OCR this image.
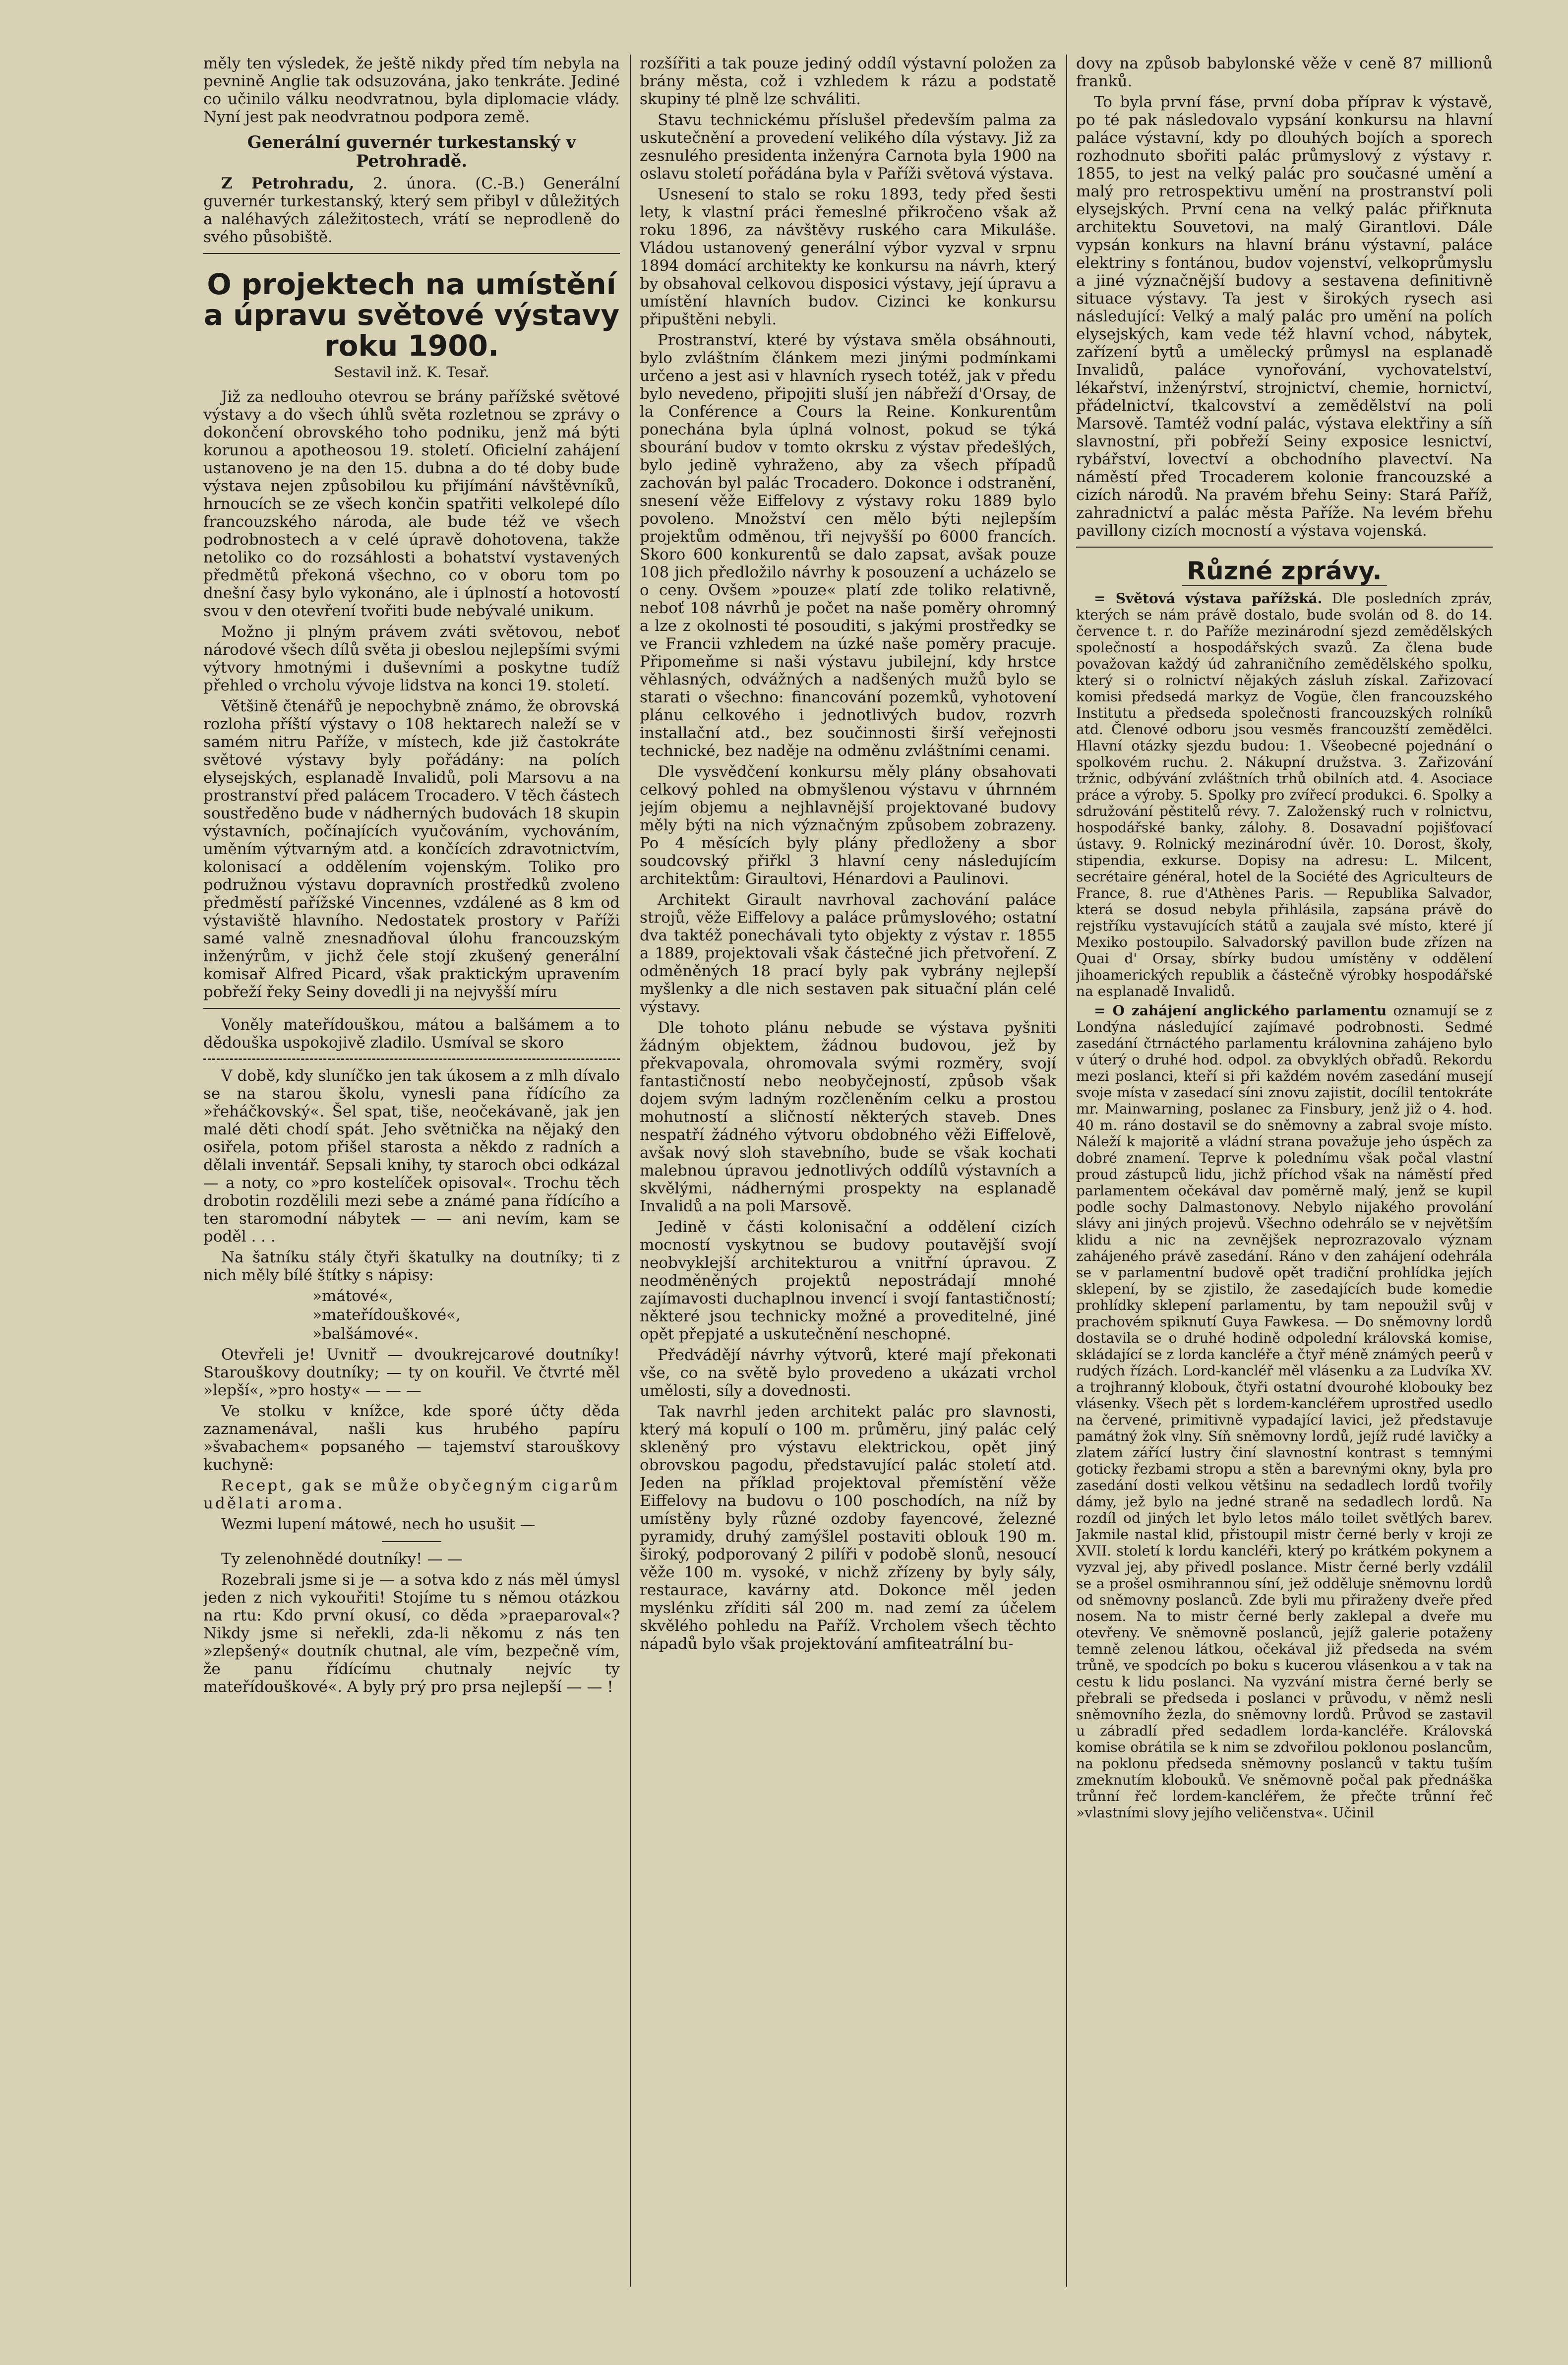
měly ten výsledek, že ještě nikdy před tím nebyla na pevnině Anglie tak odsuzována, jako tenkráte. Jediné co učinilo válku neodvratnou, byla diplomacie vlády. Nyní jest pak neodvratnou podpora země.

Generální guvernér turkestanský v Petrohradě.

Z Petrohradu, 2. února. (C.-B.) Generální guvernér turkestanský, který sem přibyl v důležitých a naléhavých záležitostech, vrátí se neprodleně do svého působiště.

O projektech na umístění a úpravu světové výstavy roku 1900.
Sestavil inž. K. Tesař.

Již za nedlouho otevrou se brány pařížské světové výstavy a do všech úhlů světa rozletnou se zprávy o dokončení obrovského toho podniku, jenž má býti korunou a apotheosou 19. století. Oficielní zahájení ustanoveno je na den 15. dubna a do té doby bude výstava nejen způsobilou ku přijímání návštěvníků, hrnoucích se ze všech končin spatřiti velkolepé dílo francouzského národa, ale bude též ve všech podrobnostech a v celé úpravě dohotovena, takže netoliko co do rozsáhlosti a bohatství vystavených předmětů překoná všechno, co v oboru tom po dnešní časy bylo vykonáno, ale i úplností a hotovostí svou v den otevření tvořiti bude nebývalé unikum.

Možno ji plným právem zváti světovou, neboť národové všech dílů světa ji obeslou nejlepšími svými výtvory hmotnými i duševními a poskytne tudíž přehled o vrcholu vývoje lidstva na konci 19. století.

Většině čtenářů je nepochybně známo, že obrovská rozloha příští výstavy o 108 hektarech naleží se v samém nitru Paříže, v místech, kde již častokráte světové výstavy byly pořádány: na polích elysejských, esplanadě Invalidů, poli Marsovu a na prostranství před palácem Trocadero. V těch částech soustředěno bude v nádherných budovách 18 skupin výstavních, počínajících vyučováním, vychováním, uměním výtvarným atd. a končících zdravotnictvím, kolonisací a oddělením vojenským. Toliko pro podružnou výstavu dopravních prostředků zvoleno předměstí pařížské Vincennes, vzdálené as 8 km od výstaviště hlavního. Nedostatek prostory v Paříži samé valně znesnadňoval úlohu francouzským inženýrům, v jichž čele stojí zkušený generální komisař Alfred Picard, však praktickým upravením pobřeží řeky Seiny dovedli ji na nejvyšší míru

Voněly mateřídouškou, mátou a balšámem a to dědouška uspokojivě zladilo. Usmíval se skoro

V době, kdy sluníčko jen tak úkosem a z mlh dívalo se na starou školu, vynesli pana řídícího za »řeháčkovský«. Šel spat, tiše, neočekávaně, jak jen malé děti chodí spát. Jeho světnička na nějaký den osiřela, potom přišel starosta a někdo z radních a dělali inventář. Sepsali knihy, ty staroch obci odkázal — a noty, co »pro kostelíček opisoval«. Trochu těch drobotin rozdělili mezi sebe a známé pana řídícího a ten staromodní nábytek — — ani nevím, kam se poděl . . .

Na šatníku stály čtyři škatulky na doutníky; ti z nich měly bílé štítky s nápisy:

»mátové«,
»mateřídouškové«,
»balšámové«.

Otevřeli je! Uvnitř — dvoukrejcarové doutníky! Starouškovy doutníky; — ty on kouřil. Ve čtvrté měl »lepší«, »pro hosty« — — —

Ve stolku v knížce, kde sporé účty děda zaznamenával, našli kus hrubého papíru »švabachem« popsaného — tajemství starouškovy kuchyně:

Recept, gak se může obyčegným cigarům udělati aroma.

Wezmi lupení mátowé, nech ho usušit —

Ty zelenohnědé doutníky! — —

Rozebrali jsme si je — a sotva kdo z nás měl úmysl jeden z nich vykouřiti! Stojíme tu s němou otázkou na rtu: Kdo první okusí, co děda »praeparoval«? Nikdy jsme si neřekli, zda-li někomu z nás ten »zlepšený« doutník chutnal, ale vím, bezpečně vím, že panu řídícímu chutnaly nejvíc ty mateřídouškové«. A byly prý pro prsa nejlepší — — !

rozšířiti a tak pouze jediný oddíl výstavní položen za brány města, což i vzhledem k rázu a podstatě skupiny té plně lze schváliti.

Stavu technickému příslušel především palma za uskutečnění a provedení velikého díla výstavy. Již za zesnulého presidenta inženýra Carnota byla 1900 na oslavu století pořádána byla v Paříži světová výstava.

Usnesení to stalo se roku 1893, tedy před šesti lety, k vlastní práci řemeslné přikročeno však až roku 1896, za návštěvy ruského cara Mikuláše. Vládou ustanovený generální výbor vyzval v srpnu 1894 domácí architekty ke konkursu na návrh, který by obsahoval celkovou disposici výstavy, její úpravu a umístění hlavních budov. Cizinci ke konkursu připuštěni nebyli.

Prostranství, které by výstava směla obsáhnouti, bylo zvláštním článkem mezi jinými podmínkami určeno a jest asi v hlavních rysech totéž, jak v předu bylo nevedeno, připojiti sluší jen nábřeží d'Orsay, de la Conférence a Cours la Reine. Konkurentům ponechána byla úplná volnost, pokud se týká sbourání budov v tomto okrsku z výstav předešlých, bylo jedině vyhraženo, aby za všech případů zachován byl palác Trocadero. Dokonce i odstranění, snesení věže Eiffelovy z výstavy roku 1889 bylo povoleno. Množství cen mělo býti nejlepším projektům odměnou, tři nejvyšší po 6000 francích. Skoro 600 konkurentů se dalo zapsat, avšak pouze 108 jich předložilo návrhy k posouzení a ucházelo se o ceny. Ovšem »pouze« platí zde toliko relativně, neboť 108 návrhů je počet na naše poměry ohromný a lze z okolnosti té posouditi, s jakými prostředky se ve Francii vzhledem na úzké naše poměry pracuje. Připomeňme si naši výstavu jubilejní, kdy hrstce věhlasných, odvážných a nadšených mužů bylo se starati o všechno: financování pozemků, vyhotovení plánu celkového i jednotlivých budov, rozvrh installační atd., bez součinnosti širší veřejnosti technické, bez naděje na odměnu zvláštními cenami.

Dle vysvědčení konkursu měly plány obsahovati celkový pohled na obmyšlenou výstavu v úhrnném jejím objemu a nejhlavnější projektované budovy měly býti na nich význačným způsobem zobrazeny. Po 4 měsících byly plány předloženy a sbor soudcovský přiřkl 3 hlavní ceny následujícím architektům: Giraultovi, Hénardovi a Paulinovi.

Architekt Girault navrhoval zachování paláce strojů, věže Eiffelovy a paláce průmyslového; ostatní dva taktéž ponechávali tyto objekty z výstav r. 1855 a 1889, projektovali však částečné jich přetvoření. Z odměněných 18 prací byly pak vybrány nejlepší myšlenky a dle nich sestaven pak situační plán celé výstavy.

Dle tohoto plánu nebude se výstava pyšniti žádným objektem, žádnou budovou, jež by překvapovala, ohromovala svými rozměry, svojí fantastičností nebo neobyčejností, způsob však dojem svým ladným rozčleněním celku a prostou mohutností a sličností některých staveb. Dnes nespatří žádného výtvoru obdobného věži Eiffelově, avšak nový sloh stavebního, bude se však kochati malebnou úpravou jednotlivých oddílů výstavních a skvělými, nádhernými prospekty na esplanadě Invalidů a na poli Marsově.

Jedině v části kolonisační a oddělení cizích mocností vyskytnou se budovy poutavější svojí neobvyklejší architekturou a vnitřní úpravou. Z neodměněných projektů nepostrádají mnohé zajímavosti duchaplnou invencí i svojí fantastičností; některé jsou technicky možné a proveditelné, jiné opět přepjaté a uskutečnění neschopné.

Předvádějí návrhy výtvorů, které mají překonati vše, co na světě bylo provedeno a ukázati vrchol umělosti, síly a dovednosti.

Tak navrhl jeden architekt palác pro slavnosti, který má kopulí o 100 m. průměru, jiný palác celý skleněný pro výstavu elektrickou, opět jiný obrovskou pagodu, představující palác století atd. Jeden na příklad projektoval přemístění věže Eiffelovy na budovu o 100 poschodích, na níž by umístěny byly různé ozdoby fayencové, železné pyramidy, druhý zamýšlel postaviti oblouk 190 m. široký, podporovaný 2 pilíři v podobě slonů, nesoucí věže 100 m. vysoké, v nichž zřízeny by byly sály, restaurace, kavárny atd. Dokonce měl jeden myslénku zříditi sál 200 m. nad zemí za účelem skvělého pohledu na Paříž. Vrcholem všech těchto nápadů bylo však projektování amfiteatrální bu-

dovy na způsob babylonské věže v ceně 87 millionů franků.

To byla první fáse, první doba příprav k výstavě, po té pak následovalo vypsání konkursu na hlavní paláce výstavní, kdy po dlouhých bojích a sporech rozhodnuto sbořiti palác průmyslový z výstavy r. 1855, to jest na velký palác pro současné umění a malý pro retrospektivu umění na prostranství poli elysejských. První cena na velký palác přiřknuta architektu Souvetovi, na malý Girantlovi. Dále vypsán konkurs na hlavní bránu výstavní, paláce elektriny s fontánou, budov vojenství, velkoprůmyslu a jiné význačnější budovy a sestavena definitivně situace výstavy. Ta jest v širokých rysech asi následující: Velký a malý palác pro umění na polích elysejských, kam vede též hlavní vchod, nábytek, zařízení bytů a umělecký průmysl na esplanadě Invalidů, paláce vynořování, vychovatelství, lékařství, inženýrství, strojnictví, chemie, hornictví, přádelnictví, tkalcovství a zemědělství na poli Marsově. Tamtéž vodní palác, výstava elektřiny a síň slavnostní, při pobřeží Seiny exposice lesnictví, rybářství, lovectví a obchodního plavectví. Na náměstí před Trocaderem kolonie francouzské a cizích národů. Na pravém břehu Seiny: Stará Paříž, zahradnictví a palác města Paříže. Na levém břehu pavillony cizích mocností a výstava vojenská.

Různé zprávy.

= Světová výstava pařížská. Dle posledních zpráv, kterých se nám právě dostalo, bude svolán od 8. do 14. července t. r. do Paříže mezinárodní sjezd zemědělských společností a hospodářských svazů. Za člena bude považovan každý úd zahraničního zemědělského spolku, který si o rolnictví nějakých zásluh získal. Zařizovací komisi předsedá markyz de Vogüe, člen francouzského Institutu a předseda společnosti francouzských rolníků atd. Členové odboru jsou vesměs francouzští zemědělci. Hlavní otázky sjezdu budou: 1. Všeobecné pojednání o spolkovém ruchu. 2. Nákupní družstva. 3. Zařizování tržnic, odbývání zvláštních trhů obilních atd. 4. Asociace práce a výroby. 5. Spolky pro zvířecí produkci. 6. Spolky a sdružování pěstitelů révy. 7. Založenský ruch v rolnictvu, hospodářské banky, zálohy. 8. Dosavadní pojišťovací ústavy. 9. Rolnický mezinárodní úvěr. 10. Dorost, školy, stipendia, exkurse. Dopisy na adresu: L. Milcent, secrétaire général, hotel de la Société des Agriculteurs de France, 8. rue d'Athènes Paris. — Republika Salvador, která se dosud nebyla přihlásila, zapsána právě do rejstříku vystavujících států a zaujala své místo, které jí Mexiko postoupilo. Salvadorský pavillon bude zřízen na Quai d' Orsay, sbírky budou umístěny v oddělení jihoamerických republik a částečně výrobky hospodářské na esplanadě Invalidů.

= O zahájení anglického parlamentu oznamují se z Londýna následující zajímavé podrobnosti. Sedmé zasedání čtrnáctého parlamentu královnina zahájeno bylo v úterý o druhé hod. odpol. za obvyklých obřadů. Rekordu mezi poslanci, kteří si při každém novém zasedání musejí svoje místa v zasedací síni znovu zajistit, docílil tentokráte mr. Mainwarning, poslanec za Finsbury, jenž již o 4. hod. 40 m. ráno dostavil se do sněmovny a zabral svoje místo. Náleží k majoritě a vládní strana považuje jeho úspěch za dobré znamení. Teprve k polednímu však počal vlastní proud zástupců lidu, jichž příchod však na náměstí před parlamentem očekával dav poměrně malý, jenž se kupil podle sochy Dalmastonovy. Nebylo nijakého provolání slávy ani jiných projevů. Všechno odehrálo se v největším klidu a nic na zevnějšek neprozrazovalo význam zahájeného právě zasedání. Ráno v den zahájení odehrála se v parlamentní budově opět tradiční prohlídka jejích sklepení, by se zjistilo, že zasedajících bude komedie prohlídky sklepení parlamentu, by tam nepoužil svůj v prachovém spiknutí Guya Fawkesa. — Do sněmovny lordů dostavila se o druhé hodině odpolední královská komise, skládající se z lorda kancléře a čtyř méně známých peerů v rudých řízách. Lord-kancléř měl vlásenku a za Ludvíka XV. a trojhranný klobouk, čtyři ostatní dvourohé klobouky bez vlásenky. Všech pět s lordem-kancléřem uprostřed usedlo na červené, primitivně vypadající lavici, jež představuje památný žok vlny. Síň sněmovny lordů, jejíž rudé lavičky a zlatem zářící lustry činí slavnostní kontrast s temnými goticky řezbami stropu a stěn a barevnými okny, byla pro zasedání dosti velkou většinu na sedadlech lordů tvořily dámy, jež bylo na jedné straně na sedadlech lordů. Na rozdíl od jiných let bylo letos málo toilet světlých barev. Jakmile nastal klid, přistoupil mistr černé berly v kroji ze XVII. století k lordu kancléři, který po krátkém pokynem a vyzval jej, aby přivedl poslance. Mistr černé berly vzdálil se a prošel osmihrannou síní, jež odděluje sněmovnu lordů od sněmovny poslanců. Zde byli mu přiraženy dveře před nosem. Na to mistr černé berly zaklepal a dveře mu otevřeny. Ve sněmovně poslanců, jejíž galerie potaženy temně zelenou látkou, očekával již předseda na svém trůně, ve spodcích po boku s kucerou vlásenkou a v tak na cestu k lidu poslanci. Na vyzvání mistra černé berly se přebrali se předseda i poslanci v průvodu, v němž nesli sněmovního žezla, do sněmovny lordů. Průvod se zastavil u zábradlí před sedadlem lorda-kancléře. Královská komise obrátila se k nim se zdvořilou poklonou poslancům, na poklonu předseda sněmovny poslanců v taktu tuším zmeknutím klobouků. Ve sněmovně počal pak přednáška trůnní řeč lordem-kancléřem, že přečte trůnní řeč »vlastními slovy jejího veličenstva«. Učinil
